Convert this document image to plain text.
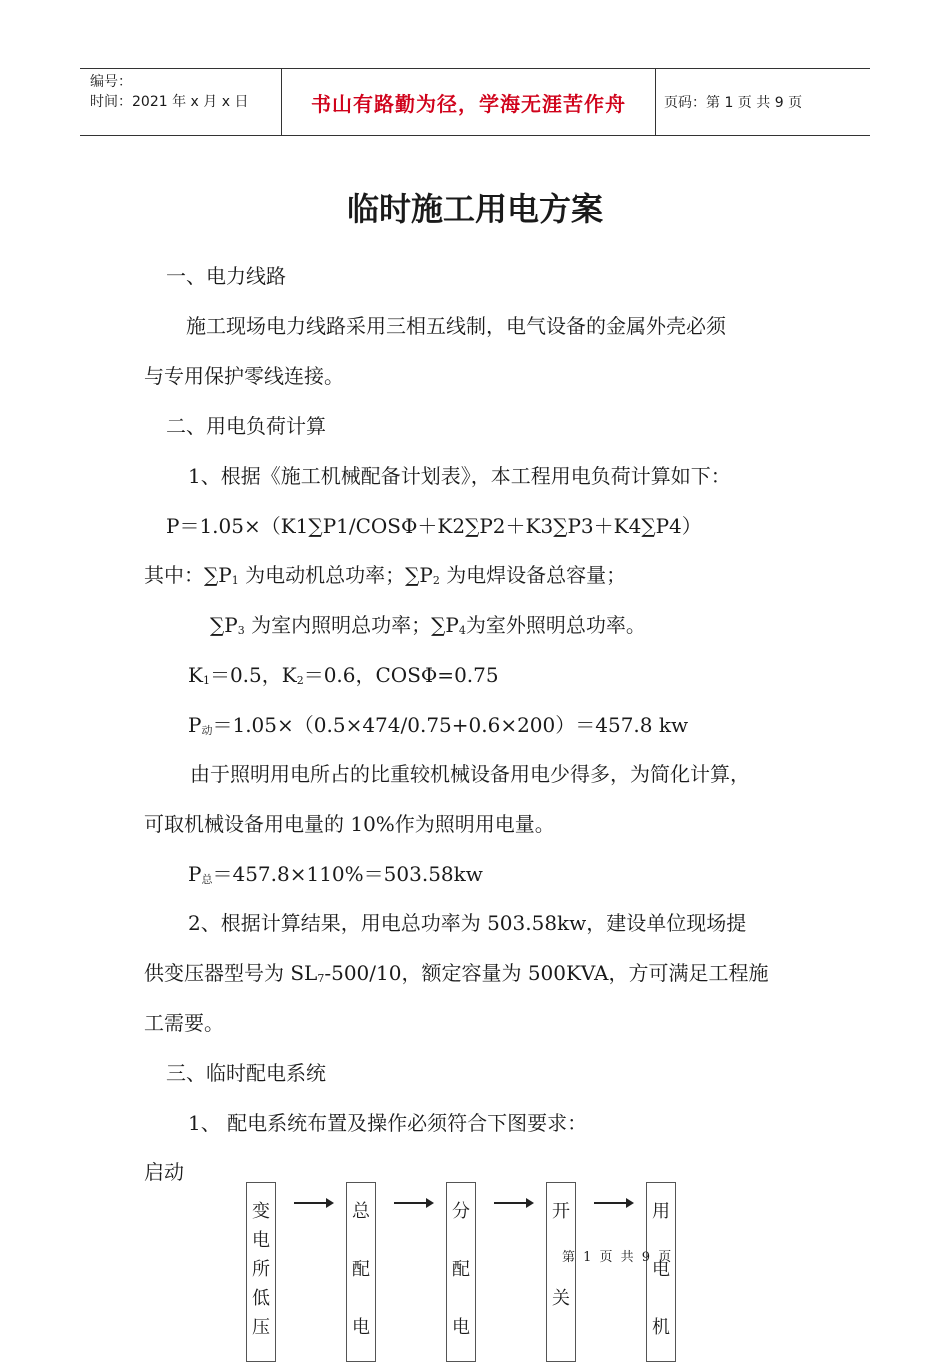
编号：
时间：2021 年 x 月 x 日	书山有路勤为径，学海无涯苦作舟	页码：第 1 页 共 9 页
临时施工用电方案
一、电力线路
施工现场电力线路采用三相五线制，电气设备的金属外壳必须
与专用保护零线连接。
二、用电负荷计算
1、根据《施工机械配备计划表》，本工程用电负荷计算如下：
P＝1.05×（K1∑P1/COSΦ＋K2∑P2＋K3∑P3＋K4∑P4）
其中：$\sum P_1$ 为电动机总功率；$\sum P_2$ 为电焊设备总容量；
$\sum P_3$ 为室内照明总功率；$\sum P_4$为室外照明总功率。
$K_1=0.5$，$K_2=0.6$，COSΦ=0.75
$P_动=1.05\times(0.5\times 474/0.75+0.6\times 200)=457.8$ kw
由于照明用电所占的比重较机械设备用电少得多，为简化计算，
可取机械设备用电量的 10%作为照明用电量。
$P_总=457.8\times 110\%=503.58kw$
2、根据计算结果，用电总功率为 503.58kw，建设单位现场提
供变压器型号为 $SL_7-500/10$，额定容量为 500KVA，方可满足工程施
工需要。
三、临时配电系统
1、 配电系统布置及操作必须符合下图要求：
启动
变
电
所
低
压
总

配

电
分

配

电
开

关
用

电

机
第 1 页 共 9 页
